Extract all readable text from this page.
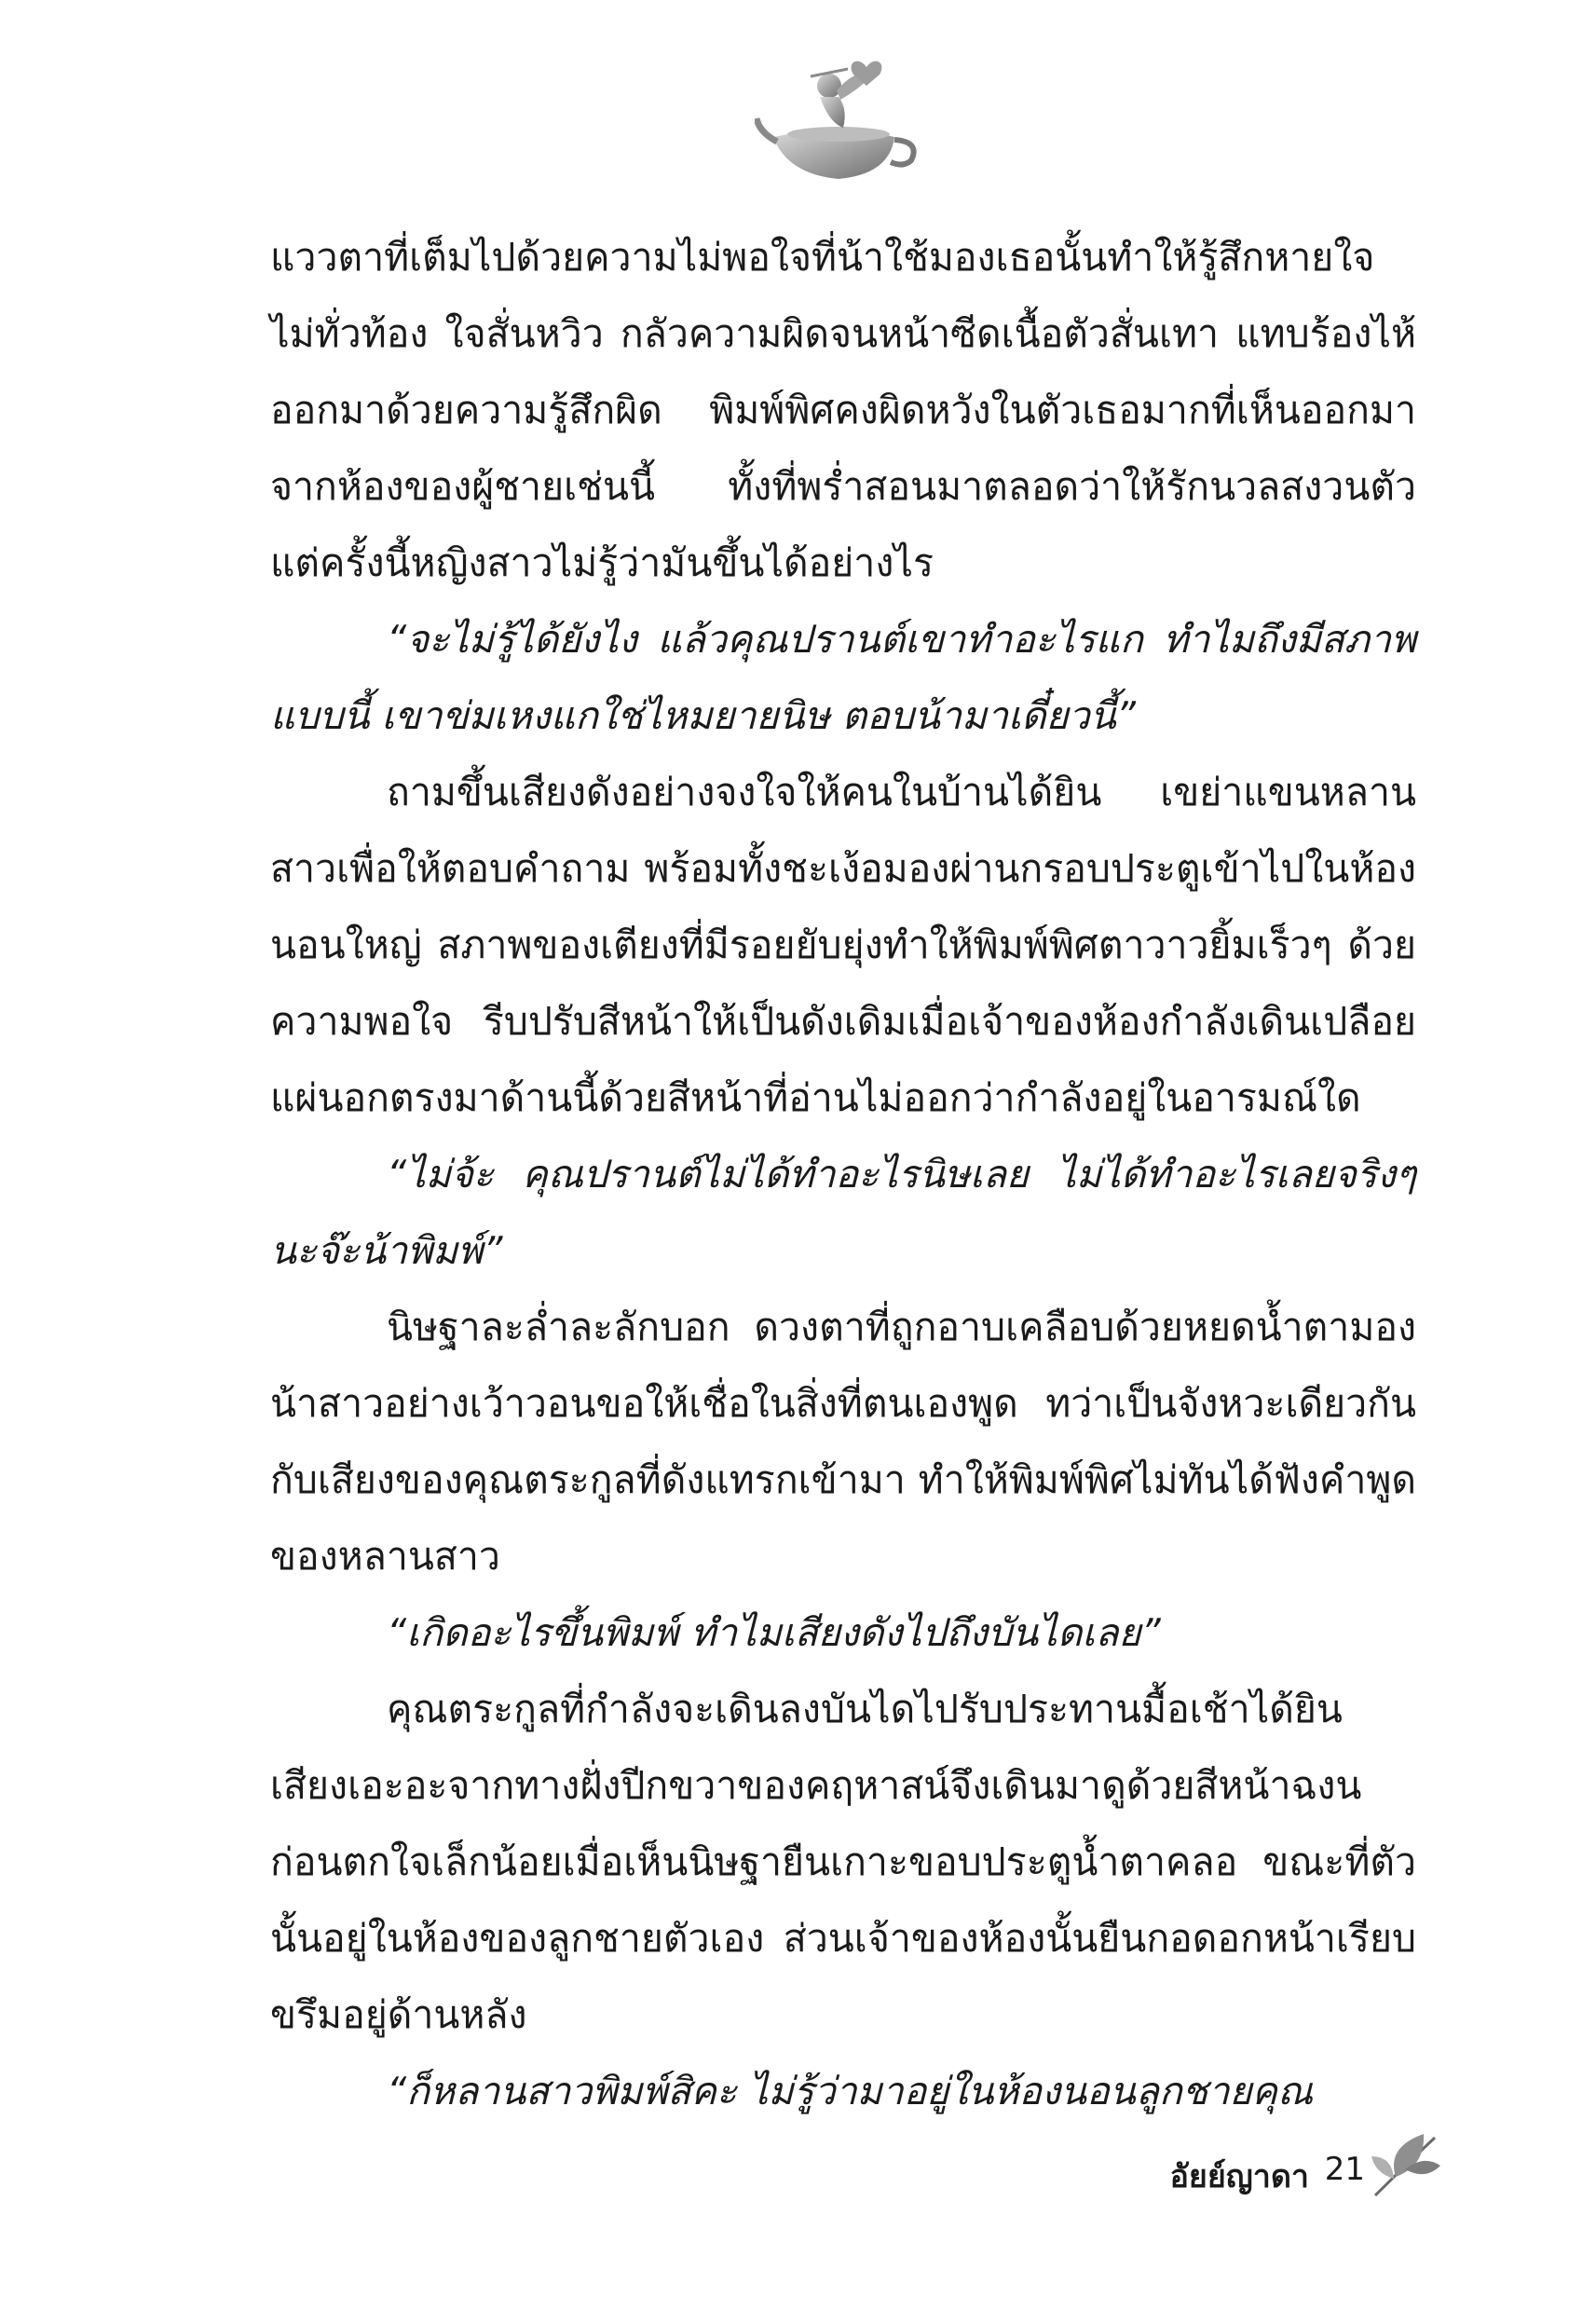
แววตาที่เต็มไปด้วยความไม่พอใจที่น้าใช้มองเธอนั้นทำให้รู้สึกหายใจไม่ทั่วท้อง ใจสั่นหวิว กลัวความผิดจนหน้าซีดเนื้อตัวสั่นเทา แทบร้องไห้ออกมาด้วยความรู้สึกผิด พิมพ์พิศคงผิดหวังในตัวเธอมากที่เห็นออกมาจากห้องของผู้ชายเช่นนี้ ทั้งที่พร่ำสอนมาตลอดว่าให้รักนวลสงวนตัว แต่ครั้งนี้หญิงสาวไม่รู้ว่ามันขึ้นได้อย่างไร

“จะไม่รู้ได้ยังไง แล้วคุณปรานต์เขาทำอะไรแก ทำไมถึงมีสภาพแบบนี้ เขาข่มเหงแกใช่ไหมยายนิษ ตอบน้ามาเดี๋ยวนี้”

ถามขึ้นเสียงดังอย่างจงใจให้คนในบ้านได้ยิน เขย่าแขนหลานสาวเพื่อให้ตอบคำถาม พร้อมทั้งชะเง้อมองผ่านกรอบประตูเข้าไปในห้องนอนใหญ่ สภาพของเตียงที่มีรอยยับยุ่งทำให้พิมพ์พิศตาวาวยิ้มเร็วๆ ด้วยความพอใจ รีบปรับสีหน้าให้เป็นดังเดิมเมื่อเจ้าของห้องกำลังเดินเปลือยแผ่นอกตรงมาด้านนี้ด้วยสีหน้าที่อ่านไม่ออกว่ากำลังอยู่ในอารมณ์ใด

“ไม่จ้ะ คุณปรานต์ไม่ได้ทำอะไรนิษเลย ไม่ได้ทำอะไรเลยจริงๆ นะจ๊ะน้าพิมพ์”

นิษฐาละล่ำละลักบอก ดวงตาที่ถูกอาบเคลือบด้วยหยดน้ำตามองน้าสาวอย่างเว้าวอนขอให้เชื่อในสิ่งที่ตนเองพูด ทว่าเป็นจังหวะเดียวกันกับเสียงของคุณตระกูลที่ดังแทรกเข้ามา ทำให้พิมพ์พิศไม่ทันได้ฟังคำพูดของหลานสาว

“เกิดอะไรขึ้นพิมพ์ ทำไมเสียงดังไปถึงบันไดเลย”

คุณตระกูลที่กำลังจะเดินลงบันไดไปรับประทานมื้อเช้าได้ยินเสียงเอะอะจากทางฝั่งปีกขวาของคฤหาสน์จึงเดินมาดูด้วยสีหน้าฉงนก่อนตกใจเล็กน้อยเมื่อเห็นนิษฐายืนเกาะขอบประตูน้ำตาคลอ ขณะที่ตัวนั้นอยู่ในห้องของลูกชายตัวเอง ส่วนเจ้าของห้องนั้นยืนกอดอกหน้าเรียบขรึมอยู่ด้านหลัง

“ก็หลานสาวพิมพ์สิคะ ไม่รู้ว่ามาอยู่ในห้องนอนลูกชายคุณ

อัยย์ญาดา 21
